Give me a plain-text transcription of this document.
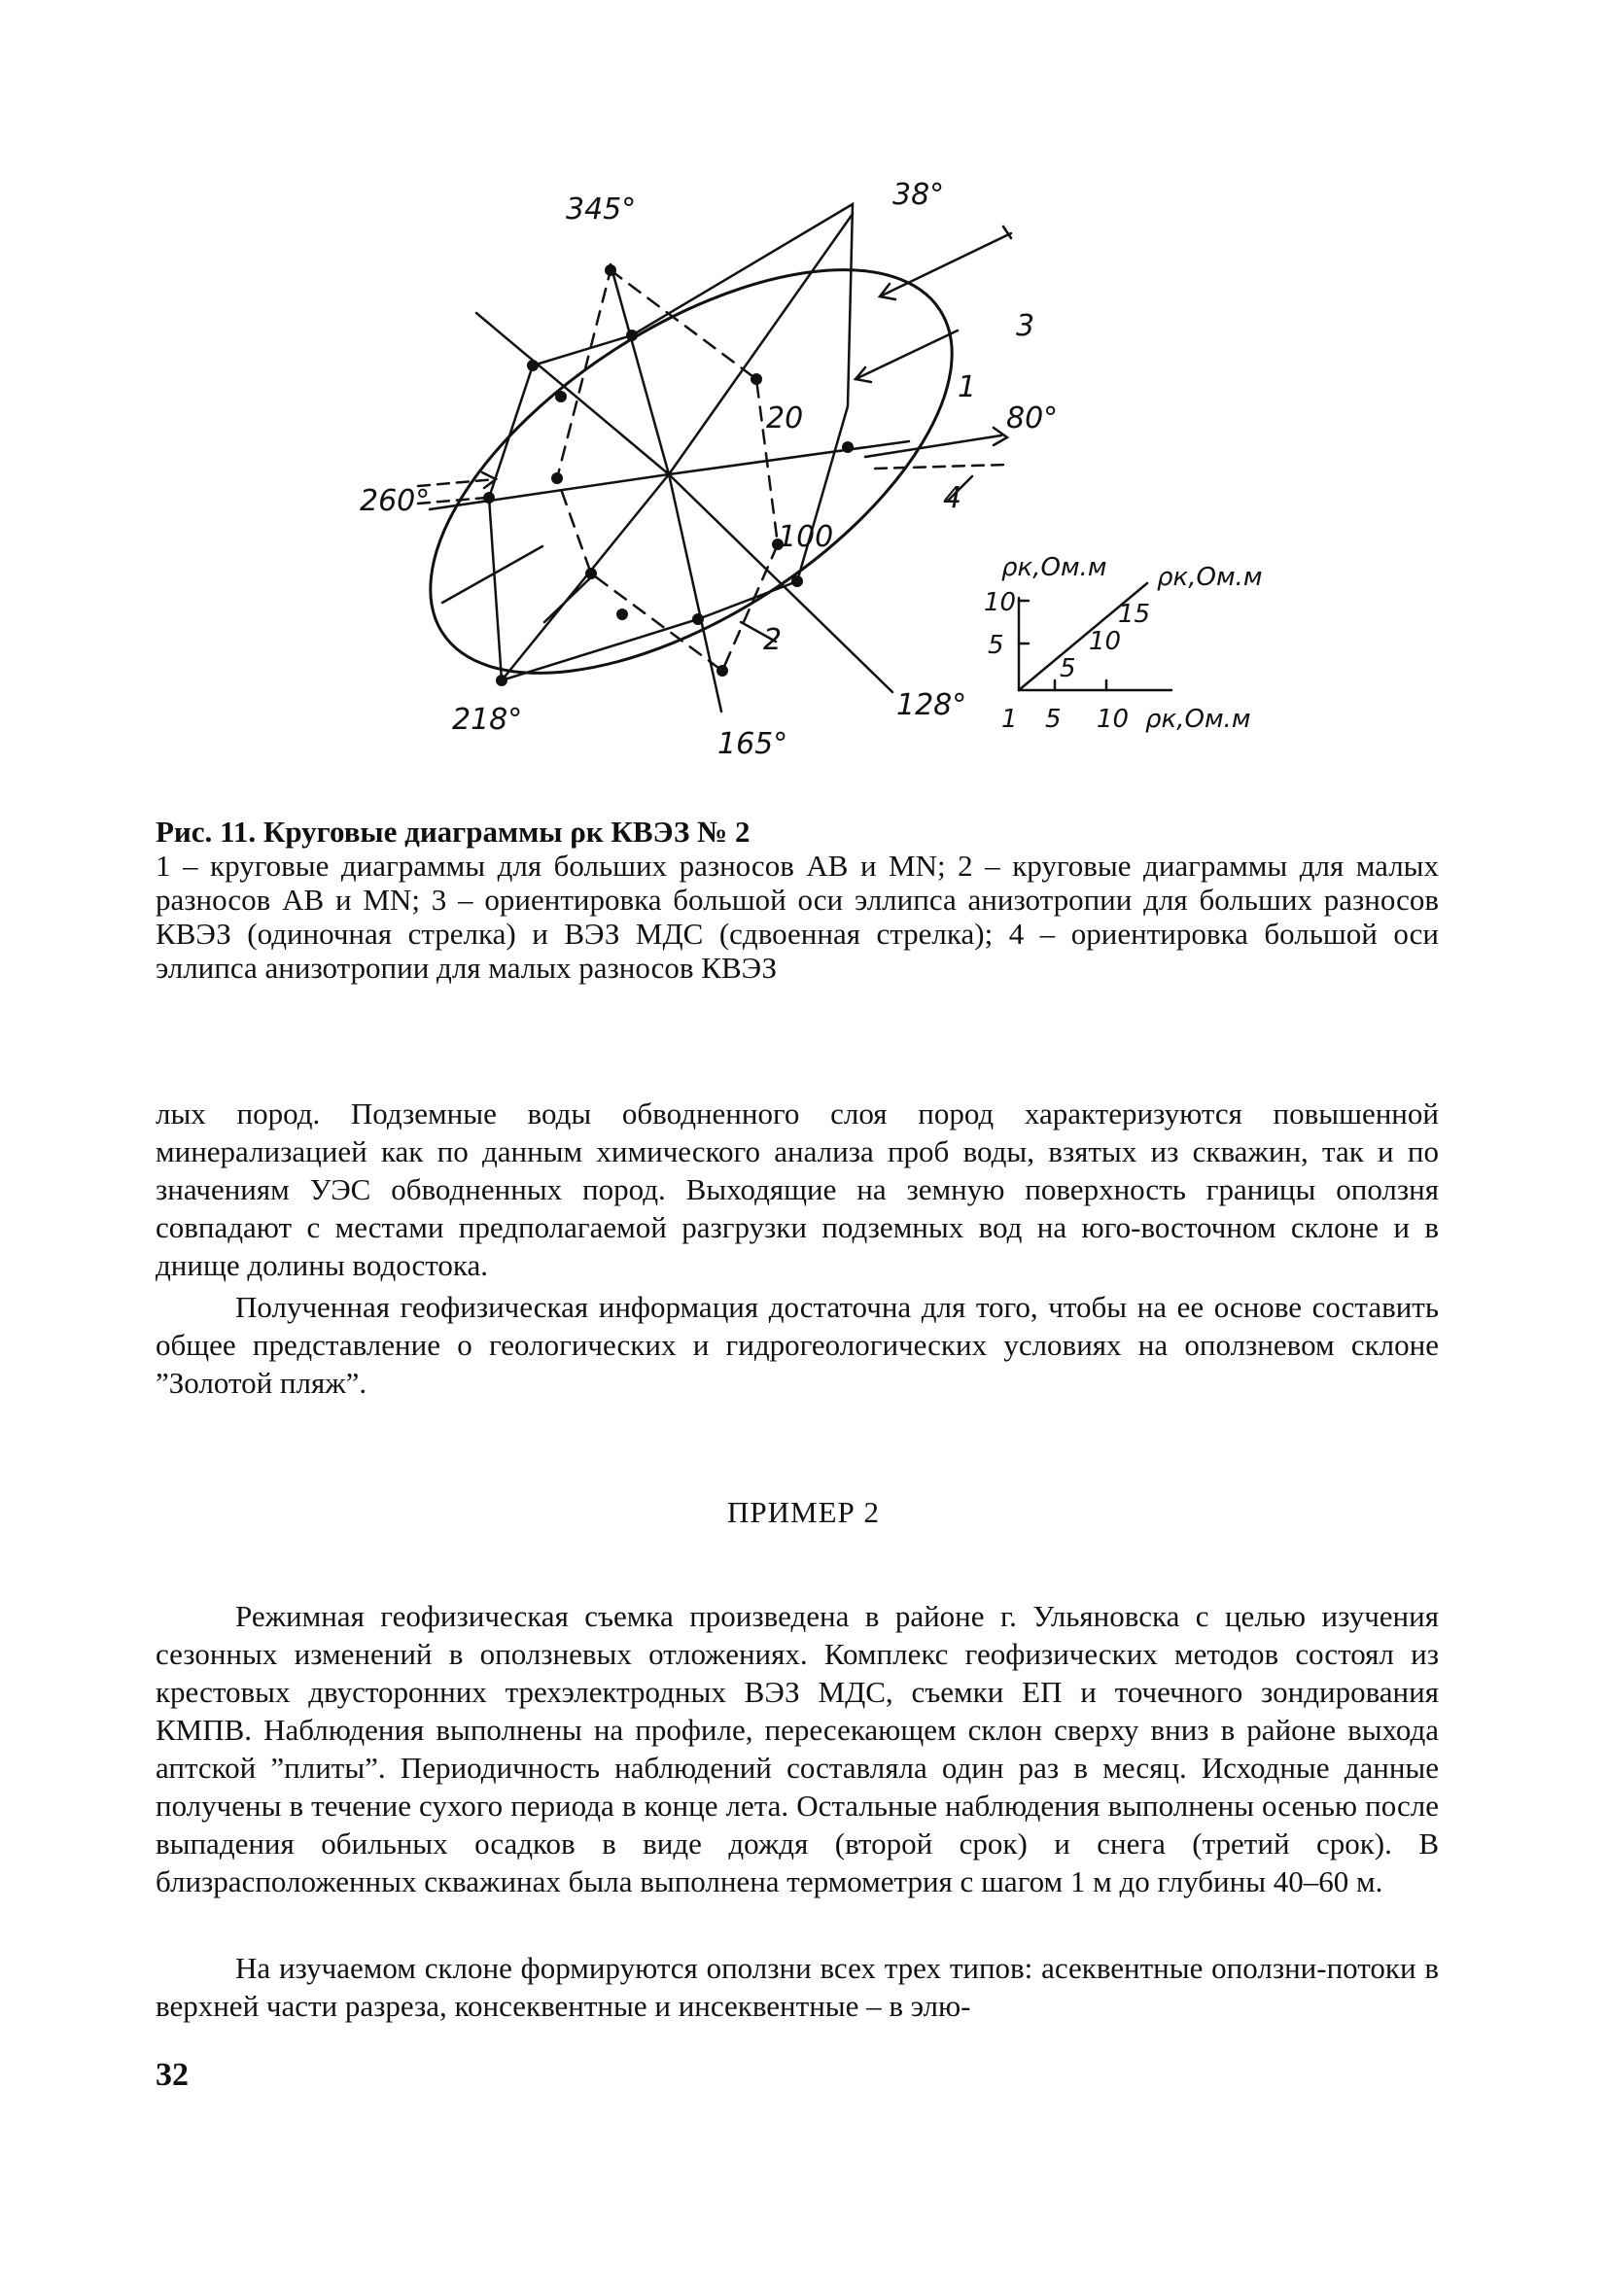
345°	38°
80°
260°
218°
165°
128°
20
100
1
2
3
4
ρк,Ом.м ρк,Ом.м
ρк,Ом.м
10
5
1 5 10
5
10
15
Рис. 11. Круговые диаграммы ρк КВЭЗ № 2
1 – круговые диаграммы для больших разносов AB и MN; 2 – круговые диаграммы для малых разносов AB и MN; 3 – ориентировка большой оси эллипса анизотропии для больших разносов КВЭЗ (одиночная стрелка) и ВЭЗ МДС (сдвоенная стрелка); 4 – ориентировка большой оси эллипса анизотропии для малых разносов КВЭЗ

лых пород. Подземные воды обводненного слоя пород характеризуются повышенной минерализацией как по данным химического анализа проб воды, взятых из скважин, так и по значениям УЭС обводненных пород. Выходящие на земную поверхность границы оползня совпадают с местами предполагаемой разгрузки подземных вод на юго-восточном склоне и в днище долины водостока.

Полученная геофизическая информация достаточна для того, чтобы на ее основе составить общее представление о геологических и гидрогеологических условиях на оползневом склоне ”Золотой пляж”.

ПРИМЕР 2

Режимная геофизическая съемка произведена в районе г. Ульяновска с целью изучения сезонных изменений в оползневых отложениях. Комплекс геофизических методов состоял из крестовых двусторонних трехэлектродных ВЭЗ МДС, съемки ЕП и точечного зондирования КМПВ. Наблюдения выполнены на профиле, пересекающем склон сверху вниз в районе выхода аптской ”плиты”. Периодичность наблюдений составляла один раз в месяц. Исходные данные получены в течение сухого периода в конце лета. Остальные наблюдения выполнены осенью после выпадения обильных осадков в виде дождя (второй срок) и снега (третий срок). В близрасположенных скважинах была выполнена термометрия с шагом 1 м до глубины 40–60 м.

На изучаемом склоне формируются оползни всех трех типов: асеквентные оползни-потоки в верхней части разреза, консеквентные и инсеквентные – в элю-

32
